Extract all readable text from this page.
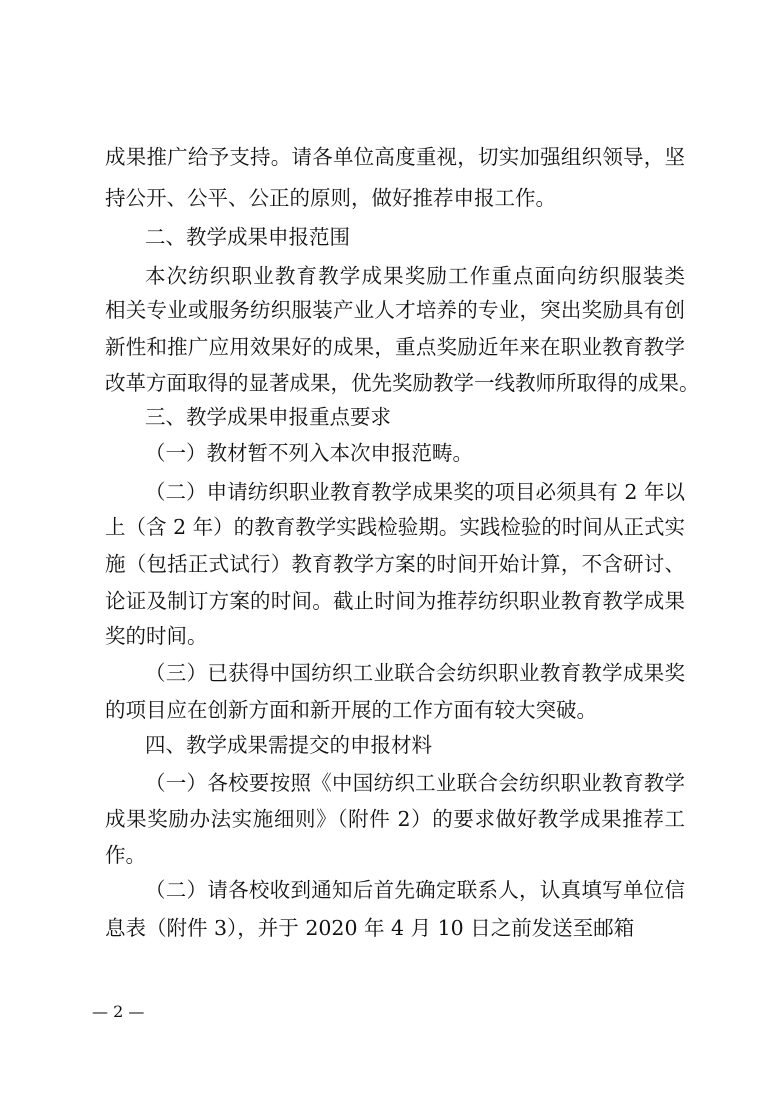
成果推广给予支持。请各单位高度重视，切实加强组织领导，坚
持公开、公平、公正的原则，做好推荐申报工作。
二、教学成果申报范围
本次纺织职业教育教学成果奖励工作重点面向纺织服装类
相关专业或服务纺织服装产业人才培养的专业，突出奖励具有创
新性和推广应用效果好的成果，重点奖励近年来在职业教育教学
改革方面取得的显著成果，优先奖励教学一线教师所取得的成果。
三、教学成果申报重点要求
（一）教材暂不列入本次申报范畴。
（二）申请纺织职业教育教学成果奖的项目必须具有 2 年以
上（含 2 年）的教育教学实践检验期。实践检验的时间从正式实
施（包括正式试行）教育教学方案的时间开始计算，不含研讨、
论证及制订方案的时间。截止时间为推荐纺织职业教育教学成果
奖的时间。
（三）已获得中国纺织工业联合会纺织职业教育教学成果奖
的项目应在创新方面和新开展的工作方面有较大突破。
四、教学成果需提交的申报材料
（一）各校要按照《中国纺织工业联合会纺织职业教育教学
成果奖励办法实施细则》（附件 2）的要求做好教学成果推荐工
作。
（二）请各校收到通知后首先确定联系人，认真填写单位信
息表（附件 3），并于 2020 年 4 月 10 日之前发送至邮箱
— 2 —
